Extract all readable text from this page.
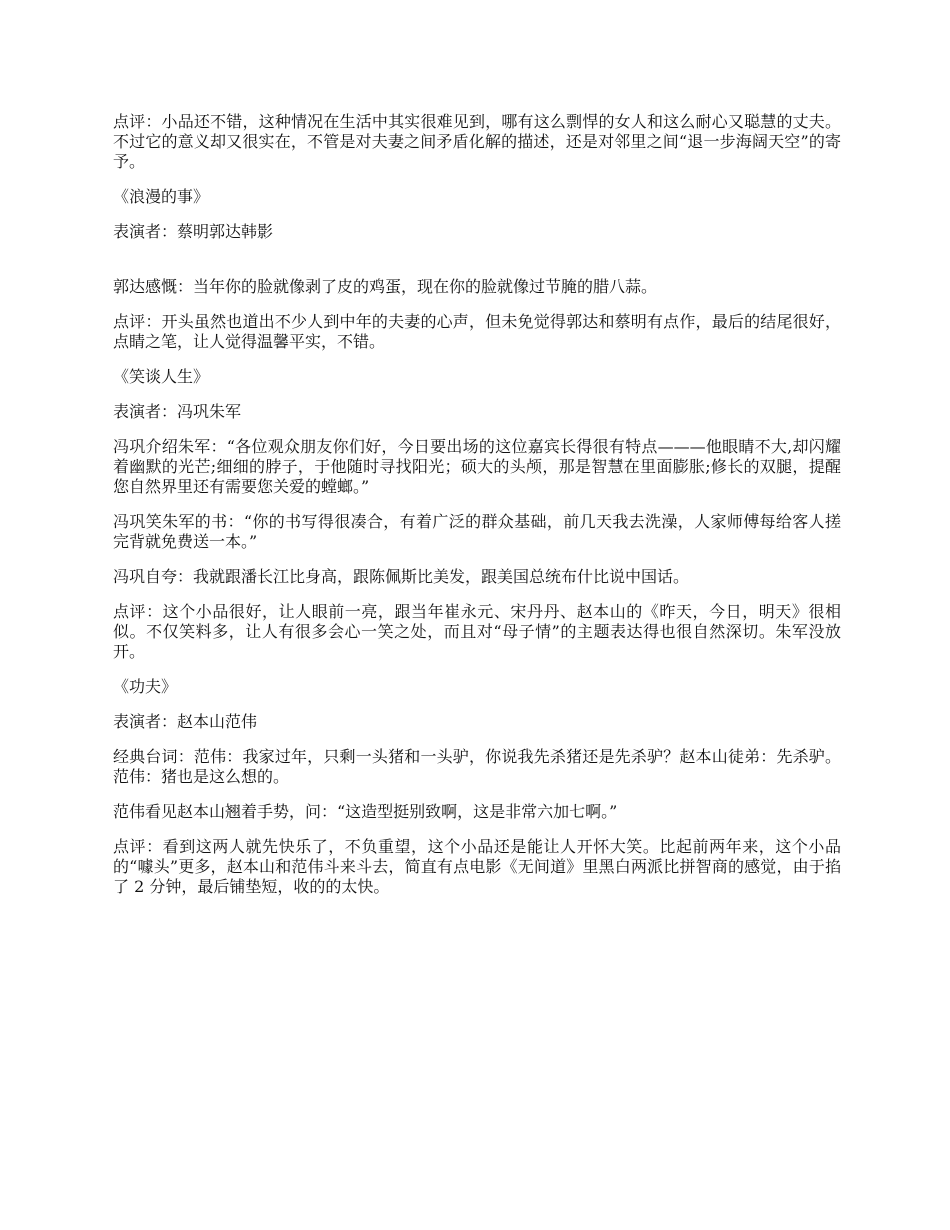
点评：小品还不错，这种情况在生活中其实很难见到，哪有这么剽悍的女人和这么耐心又聪慧的丈夫。不过它的意义却又很实在，不管是对夫妻之间矛盾化解的描述，还是对邻里之间“退一步海阔天空”的寄予。

《浪漫的事》

表演者：蔡明郭达韩影

郭达感慨：当年你的脸就像剥了皮的鸡蛋，现在你的脸就像过节腌的腊八蒜。

点评：开头虽然也道出不少人到中年的夫妻的心声，但未免觉得郭达和蔡明有点作，最后的结尾很好，点睛之笔，让人觉得温馨平实，不错。

《笑谈人生》

表演者：冯巩朱军

冯巩介绍朱军：“各位观众朋友你们好，今日要出场的这位嘉宾长得很有特点———他眼睛不大,却闪耀着幽默的光芒;细细的脖子，于他随时寻找阳光；硕大的头颅，那是智慧在里面膨胀;修长的双腿，提醒您自然界里还有需要您关爱的螳螂。”

冯巩笑朱军的书：“你的书写得很凑合，有着广泛的群众基础，前几天我去洗澡，人家师傅每给客人搓完背就免费送一本。”

冯巩自夸：我就跟潘长江比身高，跟陈佩斯比美发，跟美国总统布什比说中国话。

点评：这个小品很好，让人眼前一亮，跟当年崔永元、宋丹丹、赵本山的《昨天，今日，明天》很相似。不仅笑料多，让人有很多会心一笑之处，而且对“母子情”的主题表达得也很自然深切。朱军没放开。

《功夫》

表演者：赵本山范伟

经典台词：范伟：我家过年，只剩一头猪和一头驴，你说我先杀猪还是先杀驴？赵本山徒弟：先杀驴。范伟：猪也是这么想的。

范伟看见赵本山翘着手势，问：“这造型挺别致啊，这是非常六加七啊。”

点评：看到这两人就先快乐了，不负重望，这个小品还是能让人开怀大笑。比起前两年来，这个小品的“噱头”更多，赵本山和范伟斗来斗去，简直有点电影《无间道》里黑白两派比拼智商的感觉，由于掐了 2 分钟，最后铺垫短，收的的太快。
